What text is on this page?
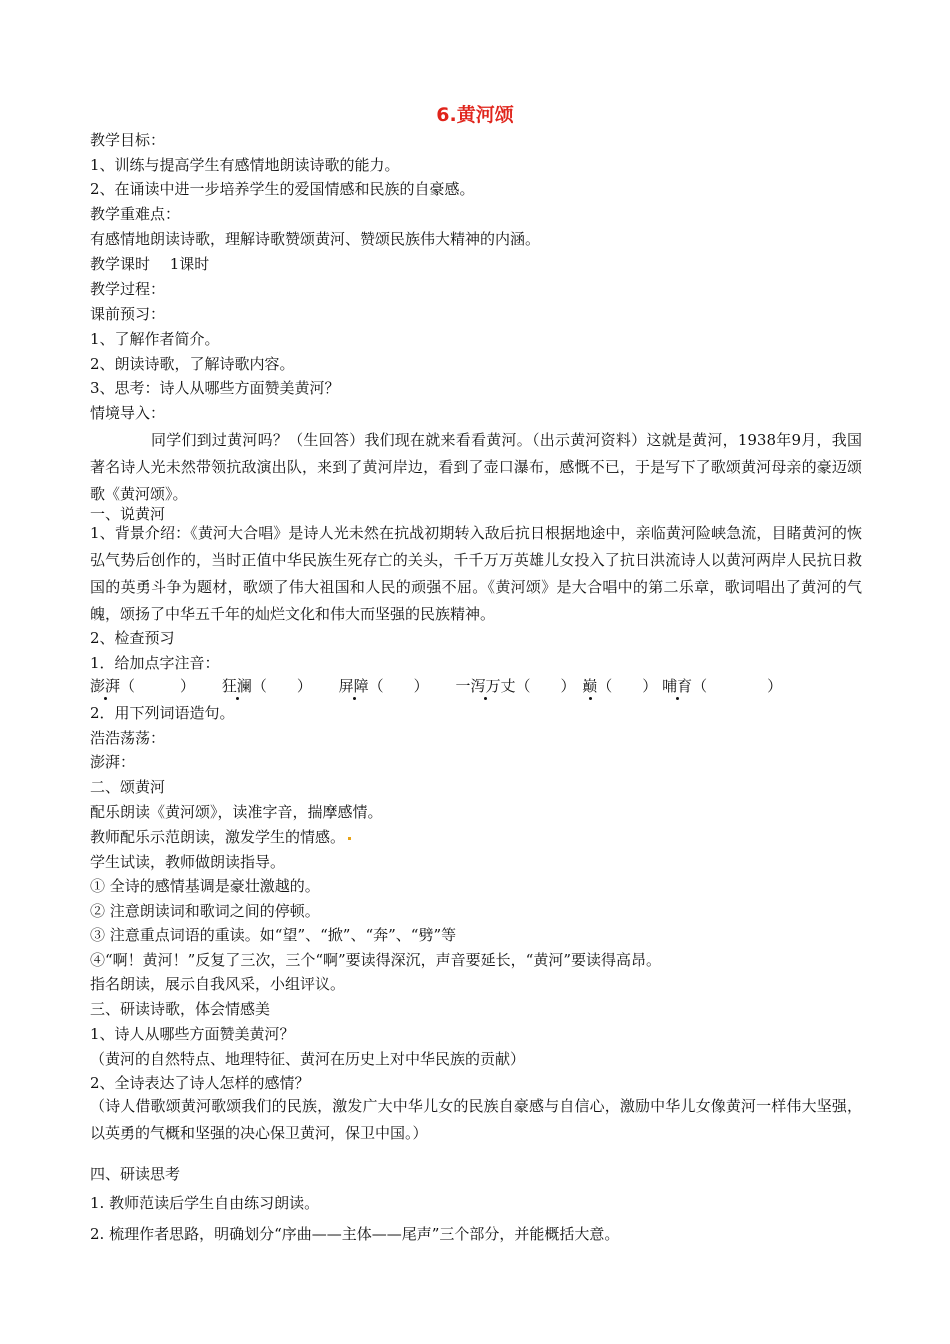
6.黄河颂
教学目标：
1、训练与提高学生有感情地朗读诗歌的能力。
2、在诵读中进一步培养学生的爱国情感和民族的自豪感。
教学重难点：
有感情地朗读诗歌，理解诗歌赞颂黄河、赞颂民族伟大精神的内涵。
教学课时　 1课时
教学过程：
课前预习：
1、了解作者简介。
2、朗读诗歌，了解诗歌内容。
3、思考：诗人从哪些方面赞美黄河？
情境导入：
　　　　同学们到过黄河吗？（生回答）我们现在就来看看黄河。（出示黄河资料）这就是黄河，1938年9月，我国著名诗人光未然带领抗敌演出队，来到了黄河岸边，看到了壶口瀑布，感慨不已，于是写下了歌颂黄河母亲的豪迈颂歌《黄河颂》。
一、说黄河
1、背景介绍：《黄河大合唱》是诗人光未然在抗战初期转入敌后抗日根据地途中，亲临黄河险峡急流，目睹黄河的恢弘气势后创作的，当时正值中华民族生死存亡的关头，千千万万英雄儿女投入了抗日洪流诗人以黄河两岸人民抗日救国的英勇斗争为题材，歌颂了伟大祖国和人民的顽强不屈。《黄河颂》是大合唱中的第二乐章，歌词唱出了黄河的气魄，颂扬了中华五千年的灿烂文化和伟大而坚强的民族精神。
2、检查预习
1．给加点字注音：
澎湃（　　　） 狂澜（　　） 屏障（　　） 一泻万丈（　　） 巅（　　） 哺育（　　　　）
2．用下列词语造句。
浩浩荡荡：
澎湃：
二、颂黄河
配乐朗读《黄河颂》，读准字音，揣摩感情。
教师配乐示范朗读，激发学生的情感。
学生试读，教师做朗读指导。
① 全诗的感情基调是豪壮激越的。
② 注意朗读词和歌词之间的停顿。
③ 注意重点词语的重读。如“望”、“掀”、“奔”、“劈”等
④“啊！黄河！”反复了三次，三个“啊”要读得深沉，声音要延长，“黄河”要读得高昂。
指名朗读，展示自我风采，小组评议。
三、研读诗歌，体会情感美
1、诗人从哪些方面赞美黄河？
（黄河的自然特点、地理特征、黄河在历史上对中华民族的贡献）
2、全诗表达了诗人怎样的感情？
（诗人借歌颂黄河歌颂我们的民族，激发广大中华儿女的民族自豪感与自信心，激励中华儿女像黄河一样伟大坚强，以英勇的气概和坚强的决心保卫黄河，保卫中国。）
四、研读思考
1. 教师范读后学生自由练习朗读。
2. 梳理作者思路，明确划分“序曲——主体——尾声”三个部分，并能概括大意。
